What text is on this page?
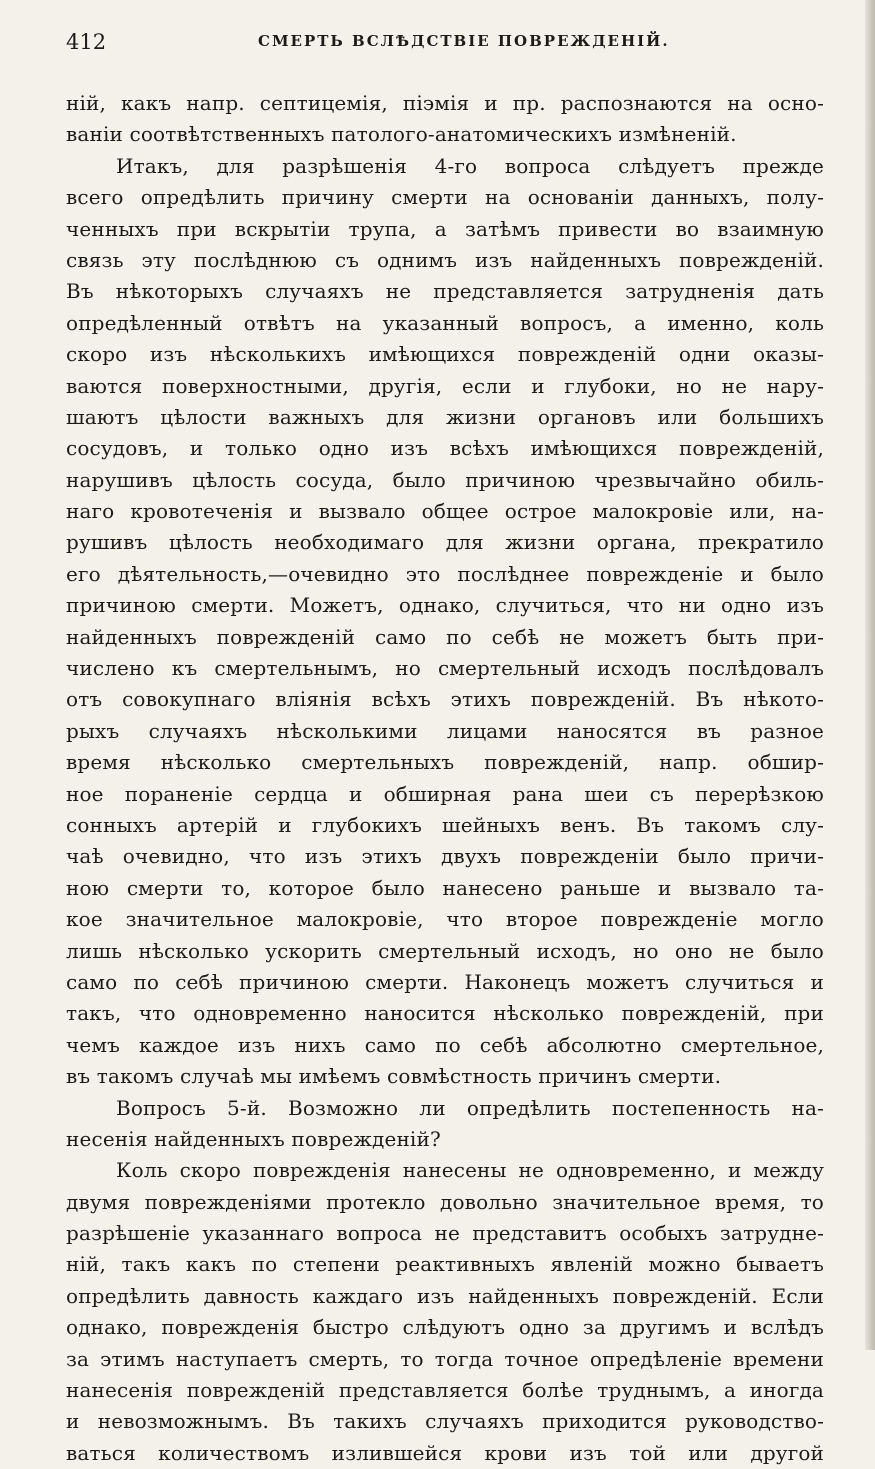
412	СМЕРТЬ ВСЛѢДСТВІЕ ПОВРЕЖДЕНІЙ.
ній, какъ напр. септицемія, піэмія и пр. распознаются на осно-
ваніи соотвѣтственныхъ патолого-анатомическихъ измѣненій.
Итакъ, для разрѣшенія 4-го вопроса слѣдуетъ прежде
всего опредѣлить причину смерти на основаніи данныхъ, полу-
ченныхъ при вскрытіи трупа, а затѣмъ привести во взаимную
связь эту послѣднюю съ однимъ изъ найденныхъ поврежденій.
Въ нѣкоторыхъ случаяхъ не представляется затрудненія дать
опредѣленный отвѣтъ на указанный вопросъ, а именно, коль
скоро изъ нѣсколькихъ имѣющихся поврежденій одни оказы-
ваются поверхностными, другія, если и глубоки, но не нару-
шаютъ цѣлости важныхъ для жизни органовъ или большихъ
сосудовъ, и только одно изъ всѣхъ имѣющихся поврежденій,
нарушивъ цѣлость сосуда, было причиною чрезвычайно обиль-
наго кровотеченія и вызвало общее острое малокровіе или, на-
рушивъ цѣлость необходимаго для жизни органа, прекратило
его дѣятельность,—очевидно это послѣднее поврежденіе и было
причиною смерти. Можетъ, однако, случиться, что ни одно изъ
найденныхъ поврежденій само по себѣ не можетъ быть при-
числено къ смертельнымъ, но смертельный исходъ послѣдовалъ
отъ совокупнаго вліянія всѣхъ этихъ поврежденій. Въ нѣкото-
рыхъ случаяхъ нѣсколькими лицами наносятся въ разное
время нѣсколько смертельныхъ поврежденій, напр. обшир-
ное пораненіе сердца и обширная рана шеи съ перерѣзкою
сонныхъ артерій и глубокихъ шейныхъ венъ. Въ такомъ слу-
чаѣ очевидно, что изъ этихъ двухъ поврежденіи было причи-
ною смерти то, которое было нанесено раньше и вызвало та-
кое значительное малокровіе, что второе поврежденіе могло
лишь нѣсколько ускорить смертельный исходъ, но оно не было
само по себѣ причиною смерти. Наконецъ можетъ случиться и
такъ, что одновременно наносится нѣсколько поврежденій, при
чемъ каждое изъ нихъ само по себѣ абсолютно смертельное,
въ такомъ случаѣ мы имѣемъ совмѣстность причинъ смерти.
Вопросъ 5-й. Возможно ли опредѣлить постепенность на-
несенія найденныхъ поврежденій?
Коль скоро поврежденія нанесены не одновременно, и между
двумя поврежденіями протекло довольно значительное время, то
разрѣшеніе указаннаго вопроса не представитъ особыхъ затрудне-
ній, такъ какъ по степени реактивныхъ явленій можно бываетъ
опредѣлить давность каждаго изъ найденныхъ поврежденій. Если
однако, поврежденія быстро слѣдуютъ одно за другимъ и вслѣдъ
за этимъ наступаетъ смерть, то тогда точное опредѣленіе времени
нанесенія поврежденій представляется болѣе труднымъ, а иногда
и невозможнымъ. Въ такихъ случаяхъ приходится руководство-
ваться количествомъ излившейся крови изъ той или другой
